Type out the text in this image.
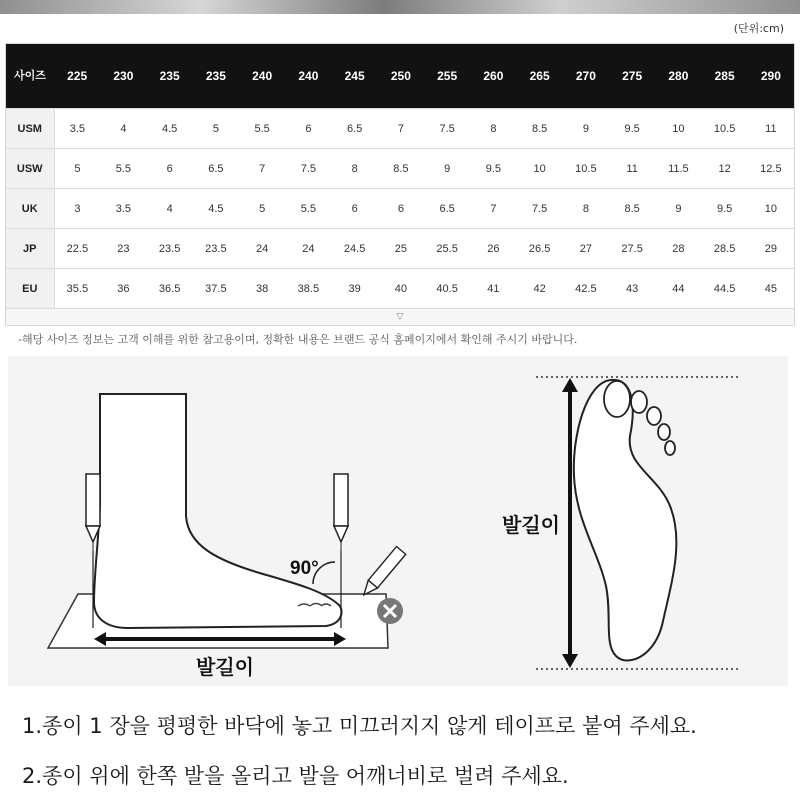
(단위:cm)
사이즈	225	230	235	235	240	240	245	250	255	260	265	270	275	280	285	290
USM	3.5	4	4.5	5	5.5	6	6.5	7	7.5	8	8.5	9	9.5	10	10.5	11
USW	5	5.5	6	6.5	7	7.5	8	8.5	9	9.5	10	10.5	11	11.5	12	12.5
UK	3	3.5	4	4.5	5	5.5	6	6	6.5	7	7.5	8	8.5	9	9.5	10
JP	22.5	23	23.5	23.5	24	24	24.5	25	25.5	26	26.5	27	27.5	28	28.5	29
EU	35.5	36	36.5	37.5	38	38.5	39	40	40.5	41	42	42.5	43	44	44.5	45
▽
-해당 사이즈 정보는 고객 이해를 위한 참고용이며, 정확한 내용은 브랜드 공식 홈페이지에서 확인해 주시기 바랍니다.
90°
발길이
발길이
1.종이 1 장을 평평한 바닥에 놓고 미끄러지지 않게 테이프로 붙여 주세요.
2.종이 위에 한쪽 발을 올리고 발을 어깨너비로 벌려 주세요.
